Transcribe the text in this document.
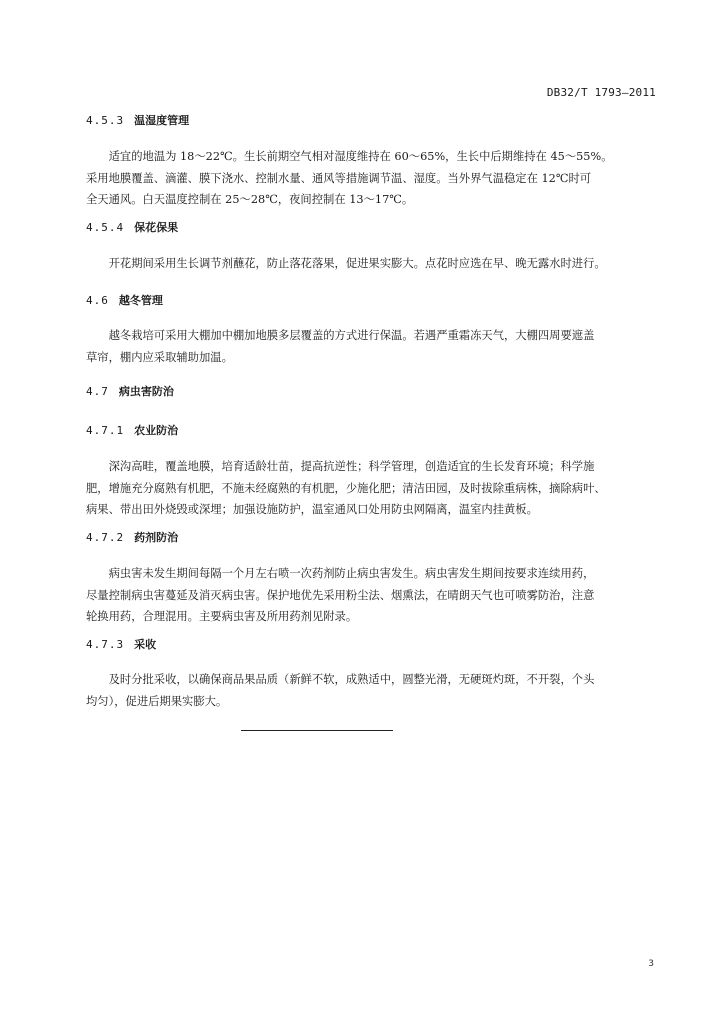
DB32/T 1793—2011
4.5.3 温湿度管理
适宜的地温为 18～22℃。生长前期空气相对湿度维持在 60～65%，生长中后期维持在 45～55%。
采用地膜覆盖、滴灌、膜下浇水、控制水量、通风等措施调节温、湿度。当外界气温稳定在 12℃时可
全天通风。白天温度控制在 25～28℃，夜间控制在 13～17℃。
4.5.4 保花保果
开花期间采用生长调节剂蘸花，防止落花落果，促进果实膨大。点花时应选在早、晚无露水时进行。
4.6 越冬管理
越冬栽培可采用大棚加中棚加地膜多层覆盖的方式进行保温。若遇严重霜冻天气，大棚四周要遮盖
草帘，棚内应采取辅助加温。
4.7 病虫害防治
4.7.1 农业防治
深沟高畦，覆盖地膜，培育适龄壮苗，提高抗逆性；科学管理，创造适宜的生长发育环境；科学施
肥，增施充分腐熟有机肥，不施未经腐熟的有机肥，少施化肥；清洁田园，及时拔除重病株，摘除病叶、
病果、带出田外烧毁或深埋；加强设施防护，温室通风口处用防虫网隔离，温室内挂黄板。
4.7.2 药剂防治
病虫害未发生期间每隔一个月左右喷一次药剂防止病虫害发生。病虫害发生期间按要求连续用药，
尽量控制病虫害蔓延及消灭病虫害。保护地优先采用粉尘法、烟熏法，在晴朗天气也可喷雾防治，注意
轮换用药，合理混用。主要病虫害及所用药剂见附录。
4.7.3 采收
及时分批采收，以确保商品果品质（新鲜不软，成熟适中，圆整光滑，无硬斑灼斑，不开裂，个头
均匀），促进后期果实膨大。
3
